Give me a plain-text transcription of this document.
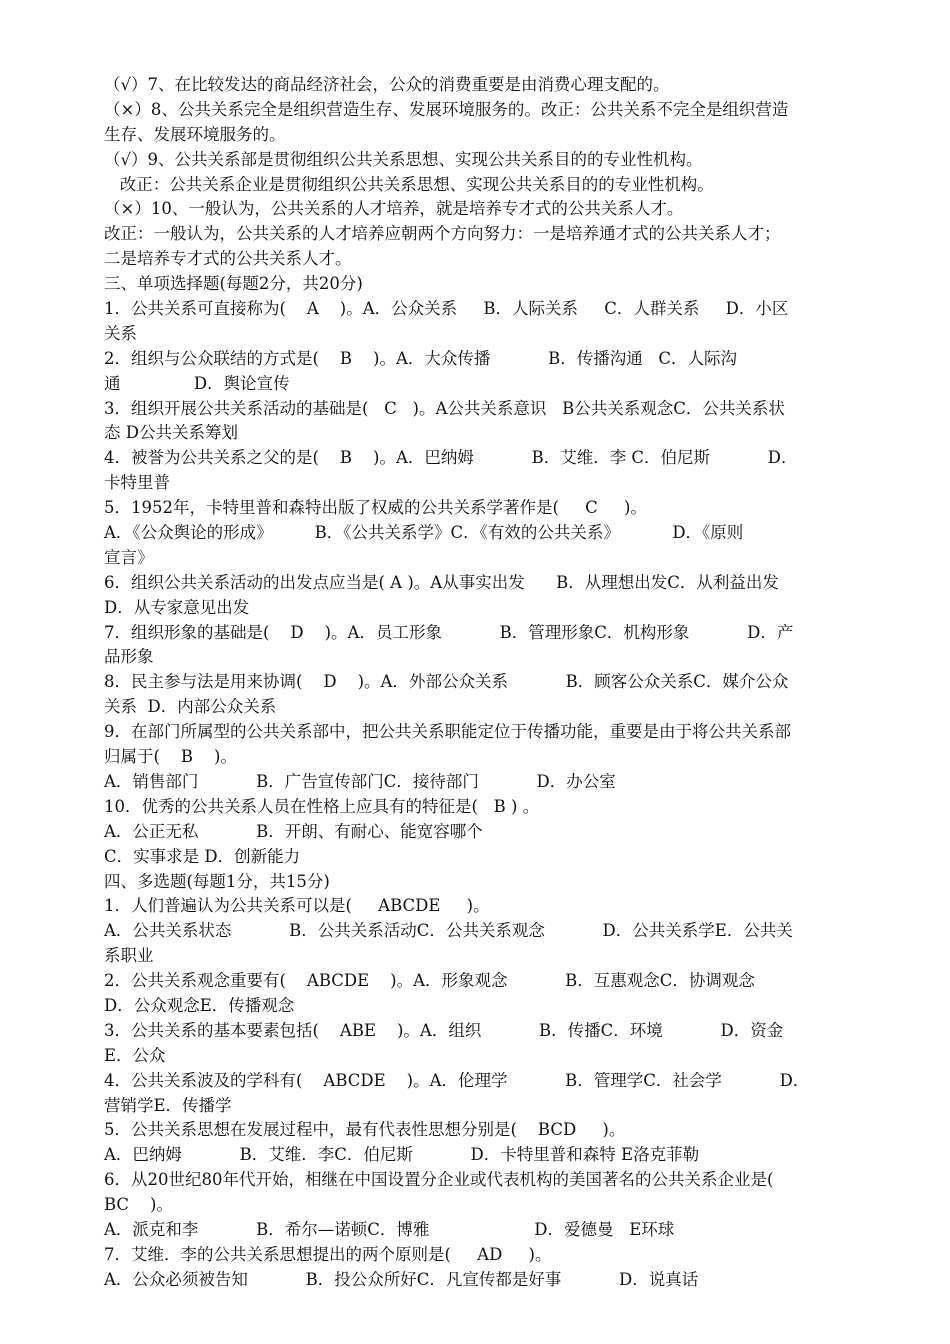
（√）7、在比较发达的商品经济社会，公众的消费重要是由消费心理支配的。
（×）8、公共关系完全是组织营造生存、发展环境服务的。改正：公共关系不完全是组织营造
生存、发展环境服务的。
（√）9、公共关系部是贯彻组织公共关系思想、实现公共关系目的的专业性机构。
改正：公共关系企业是贯彻组织公共关系思想、实现公共关系目的的专业性机构。
（×）10、一般认为，公共关系的人才培养，就是培养专才式的公共关系人才。
改正：一般认为，公共关系的人才培养应朝两个方向努力：一是培养通才式的公共关系人才；
二是培养专才式的公共关系人才。
三、单项选择题(每题2分，共20分)
1．公共关系可直接称为(    A    )。A．公众关系     B．人际关系     C．人群关系     D．小区
关系
2．组织与公众联结的方式是(    B    )。A．大众传播           B．传播沟通   C．人际沟
通              D．舆论宣传
3．组织开展公共关系活动的基础是(   C   )。A公共关系意识   B公共关系观念C．公共关系状
态 D公共关系筹划
4．被誉为公共关系之父的是(    B    )。A．巴纳姆           B．艾维．李 C．伯尼斯           D．
卡特里普
5．1952年，卡特里普和森特出版了权威的公共关系学著作是(     C     )。
A．《公众舆论的形成》        B．《公共关系学》C．《有效的公共关系》          D．《原则
宣言》
6．组织公共关系活动的出发点应当是( A )。A从事实出发      B．从理想出发C．从利益出发
D．从专家意见出发
7．组织形象的基础是(    D    )。A．员工形象           B．管理形象C．机构形象           D．产
品形象
8．民主参与法是用来协调(    D    )。A．外部公众关系           B．顾客公众关系C．媒介公众
关系  D．内部公众关系
9．在部门所属型的公共关系部中，把公共关系职能定位于传播功能，重要是由于将公共关系部
归属于(    B    )。
A．销售部门           B．广告宣传部门C．接待部门           D．办公室
10．优秀的公共关系人员在性格上应具有的特征是(   B ) 。
A．公正无私           B．开朗、有耐心、能宽容哪个
C．实事求是 D．创新能力
四、多选题(每题1分，共15分)
1．人们普遍认为公共关系可以是(     ABCDE     )。
A．公共关系状态           B．公共关系活动C．公共关系观念           D．公共关系学E．公共关
系职业
2．公共关系观念重要有(    ABCDE    )。A．形象观念           B．互惠观念C．协调观念
D．公众观念E．传播观念
3．公共关系的基本要素包括(    ABE    )。A．组织           B．传播C．环境           D．资金
E．公众
4．公共关系波及的学科有(    ABCDE    )。A．伦理学           B．管理学C．社会学           D．
营销学E．传播学
5．公共关系思想在发展过程中，最有代表性思想分别是(    BCD     )。
A．巴纳姆           B．艾维．李C．伯尼斯           D．卡特里普和森特 E洛克菲勒
6．从20世纪80年代开始，相继在中国设置分企业或代表机构的美国著名的公共关系企业是(
BC    )。
A．派克和李           B．希尔—诺顿C．博雅                    D．爱德曼   E环球
7．艾维．李的公共关系思想提出的两个原则是(     AD     )。
A．公众必须被告知           B．投公众所好C．凡宣传都是好事           D．说真话
